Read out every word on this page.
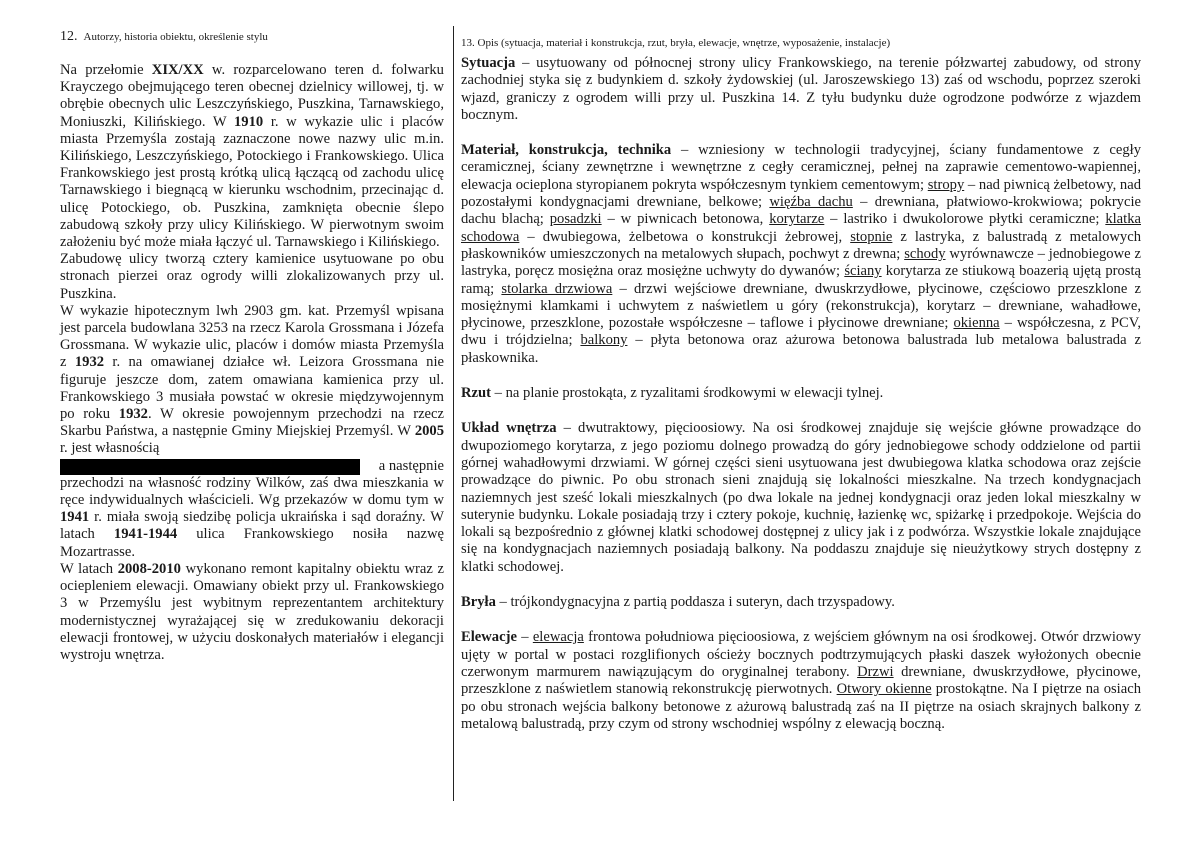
12. Autorzy, historia obiektu, określenie stylu	13. Opis (sytuacja, materiał i konstrukcja, rzut, bryła, elewacje, wnętrze, wyposażenie, instalacje)

Na przełomie XIX/XX w. rozparcelowano teren d. folwarku Krayczego obejmującego teren obecnej dzielnicy willowej, tj. w obrębie obecnych ulic Leszczyńskiego, Puszkina, Tarnawskiego, Moniuszki, Kilińskiego. W 1910 r. w wykazie ulic i placów miasta Przemyśla zostają zaznaczone nowe nazwy ulic m.in. Kilińskiego, Leszczyńskiego, Potockiego i Frankowskiego. Ulica Frankowskiego jest prostą krótką ulicą łączącą od zachodu ulicę Tarnawskiego i biegnącą w kierunku wschodnim, przecinając d. ulicę Potockiego, ob. Puszkina, zamknięta obecnie ślepo zabudową szkoły przy ulicy Kilińskiego. W pierwotnym swoim założeniu być może miała łączyć ul. Tarnawskiego i Kilińskiego.

Zabudowę ulicy tworzą cztery kamienice usytuowane po obu stronach pierzei oraz ogrody willi zlokalizowanych przy ul. Puszkina.

W wykazie hipotecznym lwh 2903 gm. kat. Przemyśl wpisana jest parcela budowlana 3253 na rzecz Karola Grossmana i Józefa Grossmana. W wykazie ulic, placów i domów miasta Przemyśla z 1932 r. na omawianej działce wł. Leizora Grossmana nie figuruje jeszcze dom, zatem omawiana kamienica przy ul. Frankowskiego 3 musiała powstać w okresie międzywojennym po roku 1932. W okresie powojennym przechodzi na rzecz Skarbu Państwa, a następnie Gminy Miejskiej Przemyśl. W 2005 r. jest własnością

a następnie

przechodzi na własność rodziny Wilków, zaś dwa mieszkania w ręce indywidualnych właścicieli. Wg przekazów w domu tym w 1941 r. miała swoją siedzibę policja ukraińska i sąd doraźny. W latach 1941-1944 ulica Frankowskiego nosiła nazwę Mozartrasse.

W latach 2008-2010 wykonano remont kapitalny obiektu wraz z ociepleniem elewacji. Omawiany obiekt przy ul. Frankowskiego 3 w Przemyślu jest wybitnym reprezentantem architektury modernistycznej wyrażającej się w zredukowaniu dekoracji elewacji frontowej, w użyciu doskonałych materiałów i elegancji wystroju wnętrza.

Sytuacja – usytuowany od północnej strony ulicy Frankowskiego, na terenie półzwartej zabudowy, od strony zachodniej styka się z budynkiem d. szkoły żydowskiej (ul. Jaroszewskiego 13) zaś od wschodu, poprzez szeroki wjazd, graniczy z ogrodem willi przy ul. Puszkina 14. Z tyłu budynku duże ogrodzone podwórze z wjazdem bocznym.

Materiał, konstrukcja, technika – wzniesiony w technologii tradycyjnej, ściany fundamentowe z cegły ceramicznej, ściany zewnętrzne i wewnętrzne z cegły ceramicznej, pełnej na zaprawie cementowo-wapiennej, elewacja ocieplona styropianem pokryta współczesnym tynkiem cementowym; stropy – nad piwnicą żelbetowy, nad pozostałymi kondygnacjami drewniane, belkowe; więźba dachu – drewniana, płatwiowo-krokwiowa; pokrycie dachu blachą; posadzki – w piwnicach betonowa, korytarze – lastriko i dwukolorowe płytki ceramiczne; klatka schodowa – dwubiegowa, żelbetowa o konstrukcji żebrowej, stopnie z lastryka, z balustradą z metalowych płaskowników umieszczonych na metalowych słupach, pochwyt z drewna; schody wyrównawcze – jednobiegowe z lastryka, poręcz mosiężna oraz mosiężne uchwyty do dywanów; ściany korytarza ze stiukową boazerią ujętą prostą ramą; stolarka drzwiowa – drzwi wejściowe drewniane, dwuskrzydłowe, płycinowe, częściowo przeszklone z mosiężnymi klamkami i uchwytem z naświetlem u góry (rekonstrukcja), korytarz – drewniane, wahadłowe, płycinowe, przeszklone, pozostałe współczesne – taflowe i płycinowe drewniane; okienna – współczesna, z PCV, dwu i trójdzielna; balkony – płyta betonowa oraz ażurowa betonowa balustrada lub metalowa balustrada z płaskownika.

Rzut – na planie prostokąta, z ryzalitami środkowymi w elewacji tylnej.

Układ wnętrza – dwutraktowy, pięcioosiowy. Na osi środkowej znajduje się wejście główne prowadzące do dwupoziomego korytarza, z jego poziomu dolnego prowadzą do góry jednobiegowe schody oddzielone od partii górnej wahadłowymi drzwiami. W górnej części sieni usytuowana jest dwubiegowa klatka schodowa oraz zejście prowadzące do piwnic. Po obu stronach sieni znajdują się lokalności mieszkalne. Na trzech kondygnacjach naziemnych jest sześć lokali mieszkalnych (po dwa lokale na jednej kondygnacji oraz jeden lokal mieszkalny w suterynie budynku. Lokale posiadają trzy i cztery pokoje, kuchnię, łazienkę wc, spiżarkę i przedpokoje. Wejścia do lokali są bezpośrednio z głównej klatki schodowej dostępnej z ulicy jak i z podwórza. Wszystkie lokale znajdujące się na kondygnacjach naziemnych posiadają balkony. Na poddaszu znajduje się nieużytkowy strych dostępny z klatki schodowej.

Bryła – trójkondygnacyjna z partią poddasza i suteryn, dach trzyspadowy.

Elewacje – elewacja frontowa południowa pięcioosiowa, z wejściem głównym na osi środkowej. Otwór drzwiowy ujęty w portal w postaci rozglifionych ościeży bocznych podtrzymujących płaski daszek wyłożonych obecnie czerwonym marmurem nawiązującym do oryginalnej terabony. Drzwi drewniane, dwuskrzydłowe, płycinowe, przeszklone z naświetlem stanowią rekonstrukcję pierwotnych. Otwory okienne prostokątne. Na I piętrze na osiach po obu stronach wejścia balkony betonowe z ażurową balustradą zaś na II piętrze na osiach skrajnych balkony z metalową balustradą, przy czym od strony wschodniej wspólny z elewacją boczną.
